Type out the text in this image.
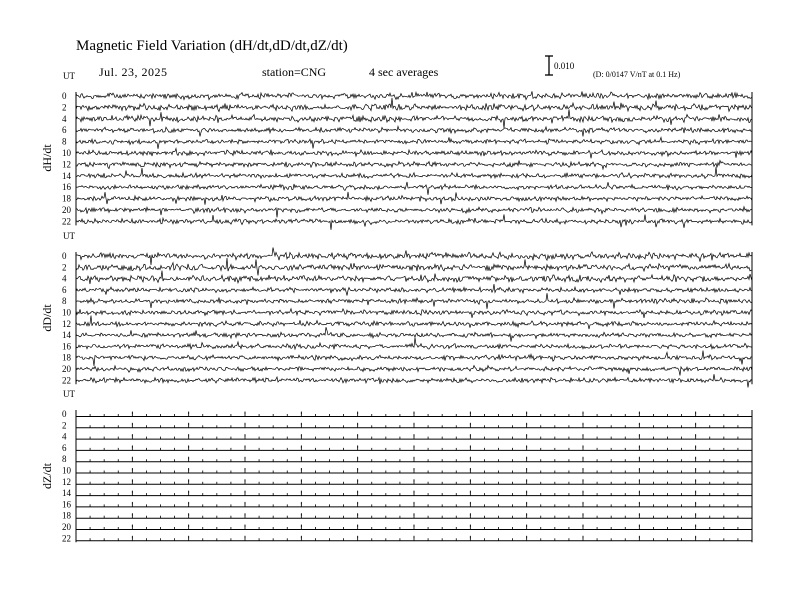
Magnetic Field Variation (dH/dt,dD/dt,dZ/dt)
Jul. 23, 2025	station=CNG	4 sec averages	0.010
(D: 0/0147 V/nT at 0.1 Hz)
UT
dH/dt
0
2
4
6
8
10
12
14
16
18
20
22
UT
dD/dt
0
2
4
6
8
10
12
14
16
18
20
22
UT
dZ/dt
0
2
4
6
8
10
12
14
16
18
20
22
